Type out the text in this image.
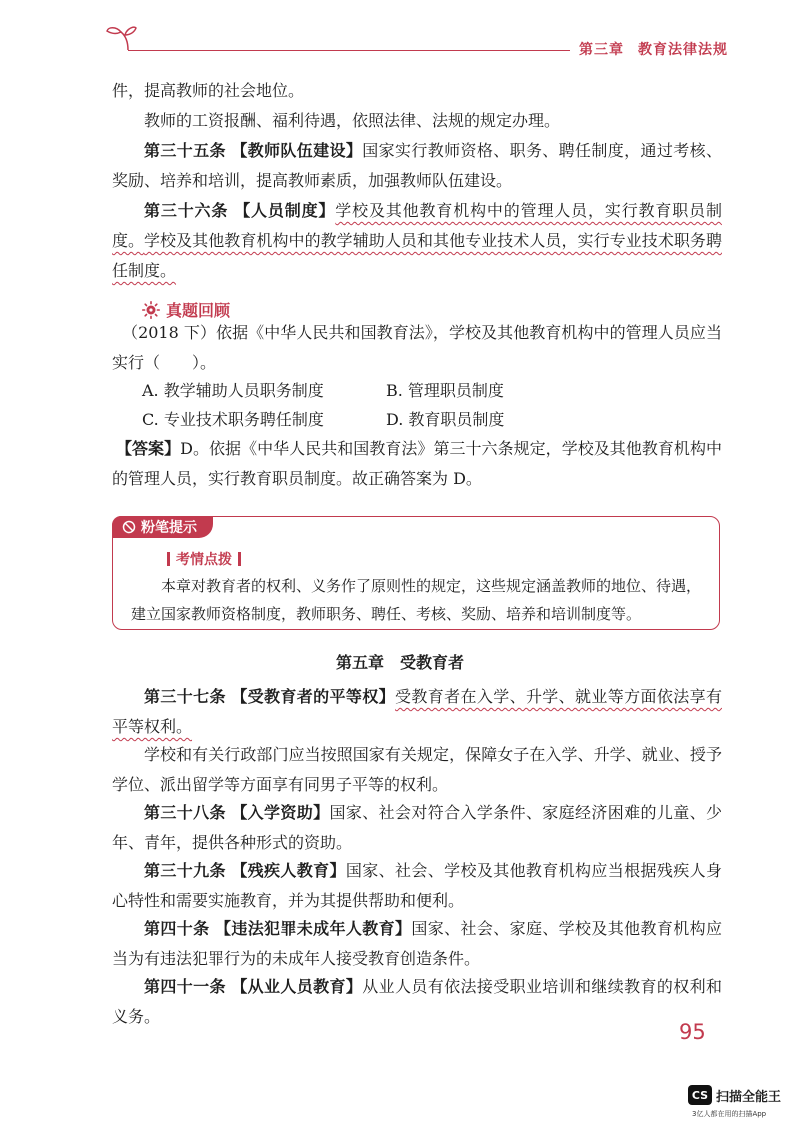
第三章 教育法律法规

件，提高教师的社会地位。

教师的工资报酬、福利待遇，依照法律、法规的规定办理。

第三十五条 【教师队伍建设】国家实行教师资格、职务、聘任制度，通过考核、奖励、培养和培训，提高教师素质，加强教师队伍建设。

第三十六条 【人员制度】学校及其他教育机构中的管理人员，实行教育职员制度。 学校及其他教育机构中的教学辅助人员和其他专业技术人员，实行专业技术职务聘任制度。

真题回顾

（2018 下）依据《中华人民共和国教育法》，学校及其他教育机构中的管理人员应当实行（　　）。

A. 教学辅助人员职务制度	B. 管理职员制度
C. 专业技术职务聘任制度	D. 教育职员制度

【答案】D。依据《中华人民共和国教育法》第三十六条规定，学校及其他教育机构中的管理人员，实行教育职员制度。故正确答案为 D。

粉笔提示
考情点拨

本章对教育者的权利、义务作了原则性的规定，这些规定涵盖教师的地位、待遇，建立国家教师资格制度，教师职务、聘任、考核、奖励、培养和培训制度等。

第五章 受教育者

第三十七条 【受教育者的平等权】受教育者在入学、升学、就业等方面依法享有平等权利。

学校和有关行政部门应当按照国家有关规定，保障女子在入学、升学、就业、授予学位、派出留学等方面享有同男子平等的权利。

第三十八条 【入学资助】国家、社会对符合入学条件、家庭经济困难的儿童、少年、青年，提供各种形式的资助。

第三十九条 【残疾人教育】国家、社会、学校及其他教育机构应当根据残疾人身心特性和需要实施教育，并为其提供帮助和便利。

第四十条 【违法犯罪未成年人教育】国家、社会、家庭、学校及其他教育机构应当为有违法犯罪行为的未成年人接受教育创造条件。

第四十一条 【从业人员教育】从业人员有依法接受职业培训和继续教育的权利和义务。

95
CS 扫描全能王
3亿人都在用的扫描App
